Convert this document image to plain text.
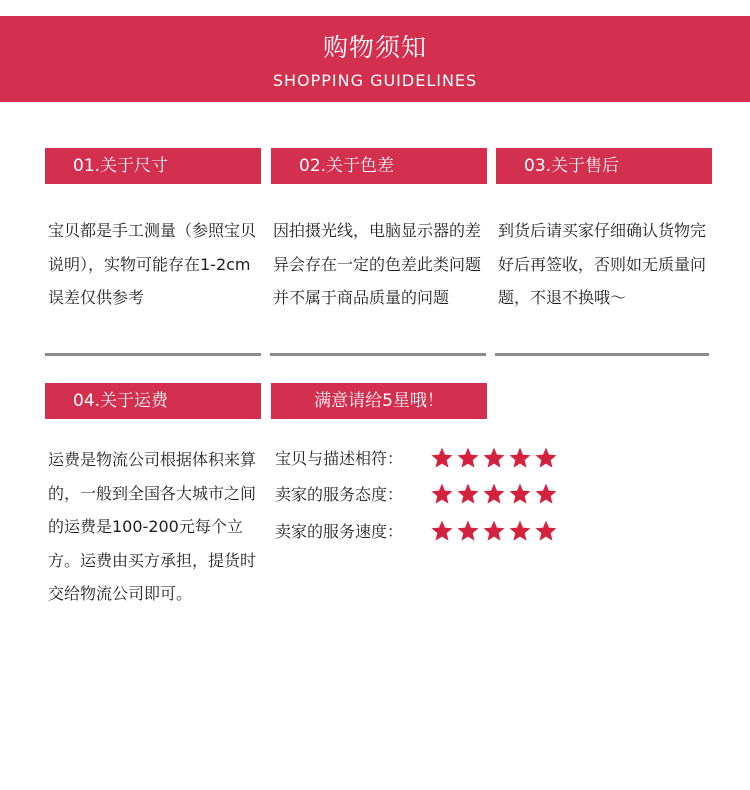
购物须知
SHOPPING GUIDELINES
01.关于尺寸
宝贝都是手工测量（参照宝贝说明），实物可能存在1-2cm误差仅供参考
02.关于色差
因拍摄光线，电脑显示器的差异会存在一定的色差此类问题并不属于商品质量的问题
03.关于售后
到货后请买家仔细确认货物完好后再签收，否则如无质量问题，不退不换哦～
04.关于运费
运费是物流公司根据体积来算的，一般到全国各大城市之间的运费是100-200元每个立方。运费由买方承担，提货时交给物流公司即可。
满意请给5星哦！
宝贝与描述相符：
卖家的服务态度：
卖家的服务速度：
